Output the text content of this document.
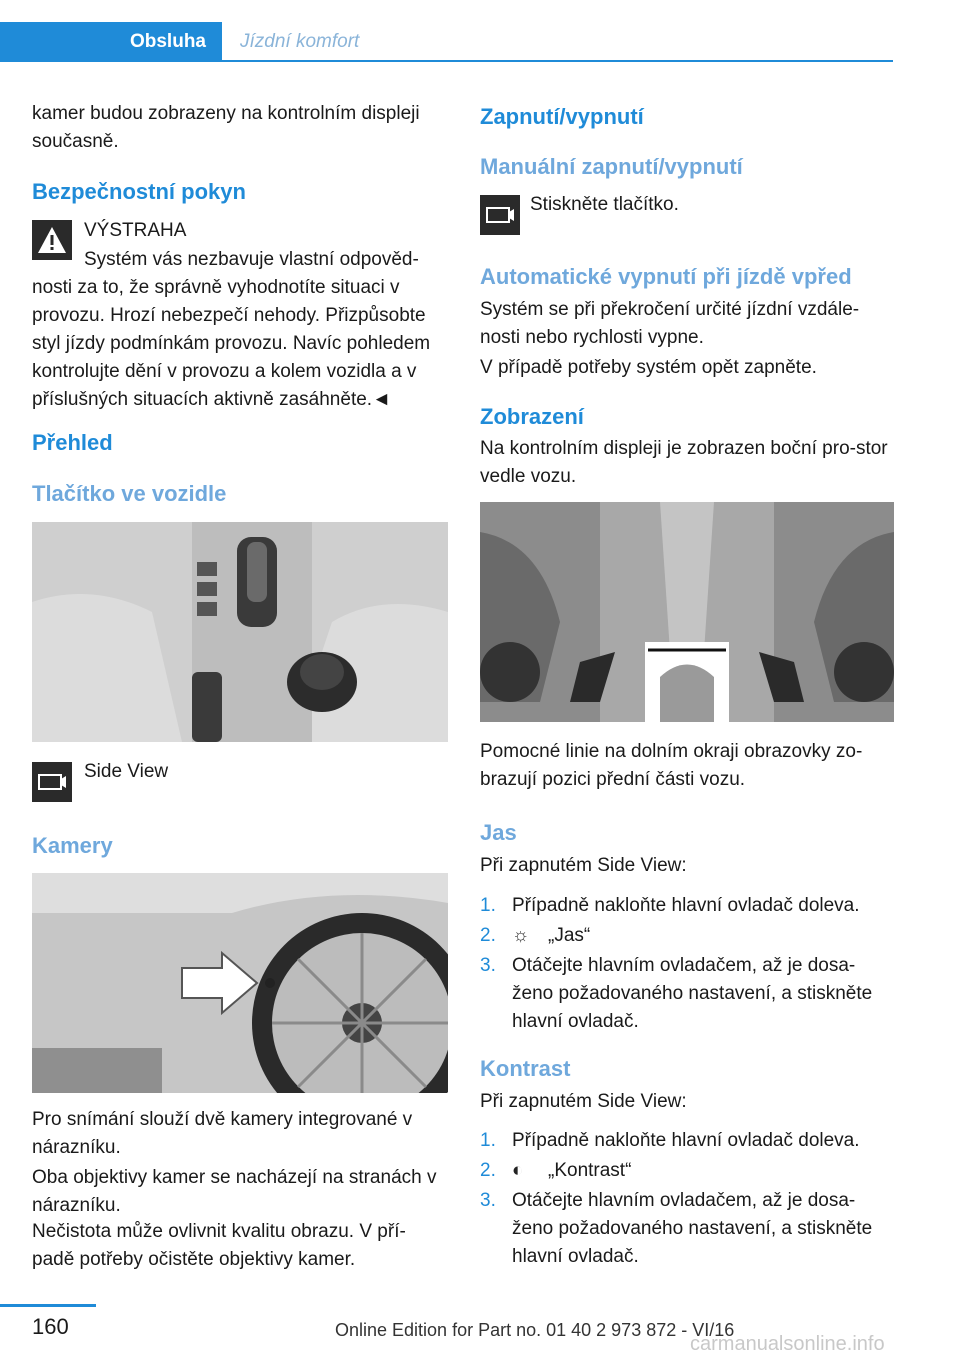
Obsluha	Jízdní komfort
kamer budou zobrazeny na kontrolním displeji současně.
Bezpečnostní pokyn
VÝSTRAHA
Systém vás nezbavuje vlastní odpověd-
nosti za to, že správně vyhodnotíte situaci v provozu. Hrozí nebezpečí nehody. Přizpůsobte styl jízdy podmínkám provozu. Navíc pohledem kontrolujte dění v provozu a kolem vozidla a v příslušných situacích aktivně zasáhněte.◄
Přehled
Tlačítko ve vozidle
Side View
Kamery
Pro snímání slouží dvě kamery integrované v nárazníku.
Oba objektivy kamer se nacházejí na stranách v nárazníku.
Nečistota může ovlivnit kvalitu obrazu. V pří-padě potřeby očistěte objektivy kamer.
Zapnutí/vypnutí
Manuální zapnutí/vypnutí
Stiskněte tlačítko.
Automatické vypnutí při jízdě vpřed
Systém se při překročení určité jízdní vzdále-nosti nebo rychlosti vypne.
V případě potřeby systém opět zapněte.
Zobrazení
Na kontrolním displeji je zobrazen boční pro-stor vedle vozu.
Pomocné linie na dolním okraji obrazovky zo-brazují pozici přední části vozu.
Jas
Při zapnutém Side View:
1. Případně nakloňte hlavní ovladač doleva.
2. ☼ „Jas“
3. Otáčejte hlavním ovladačem, až je dosa-ženo požadovaného nastavení, a stiskněte hlavní ovladač.
Kontrast
Při zapnutém Side View:
1. Případně nakloňte hlavní ovladač doleva.
2. ◐ „Kontrast“
3. Otáčejte hlavním ovladačem, až je dosa-ženo požadovaného nastavení, a stiskněte hlavní ovladač.
160	Online Edition for Part no. 01 40 2 973 872 - VI/16
carmanualsonline.info
